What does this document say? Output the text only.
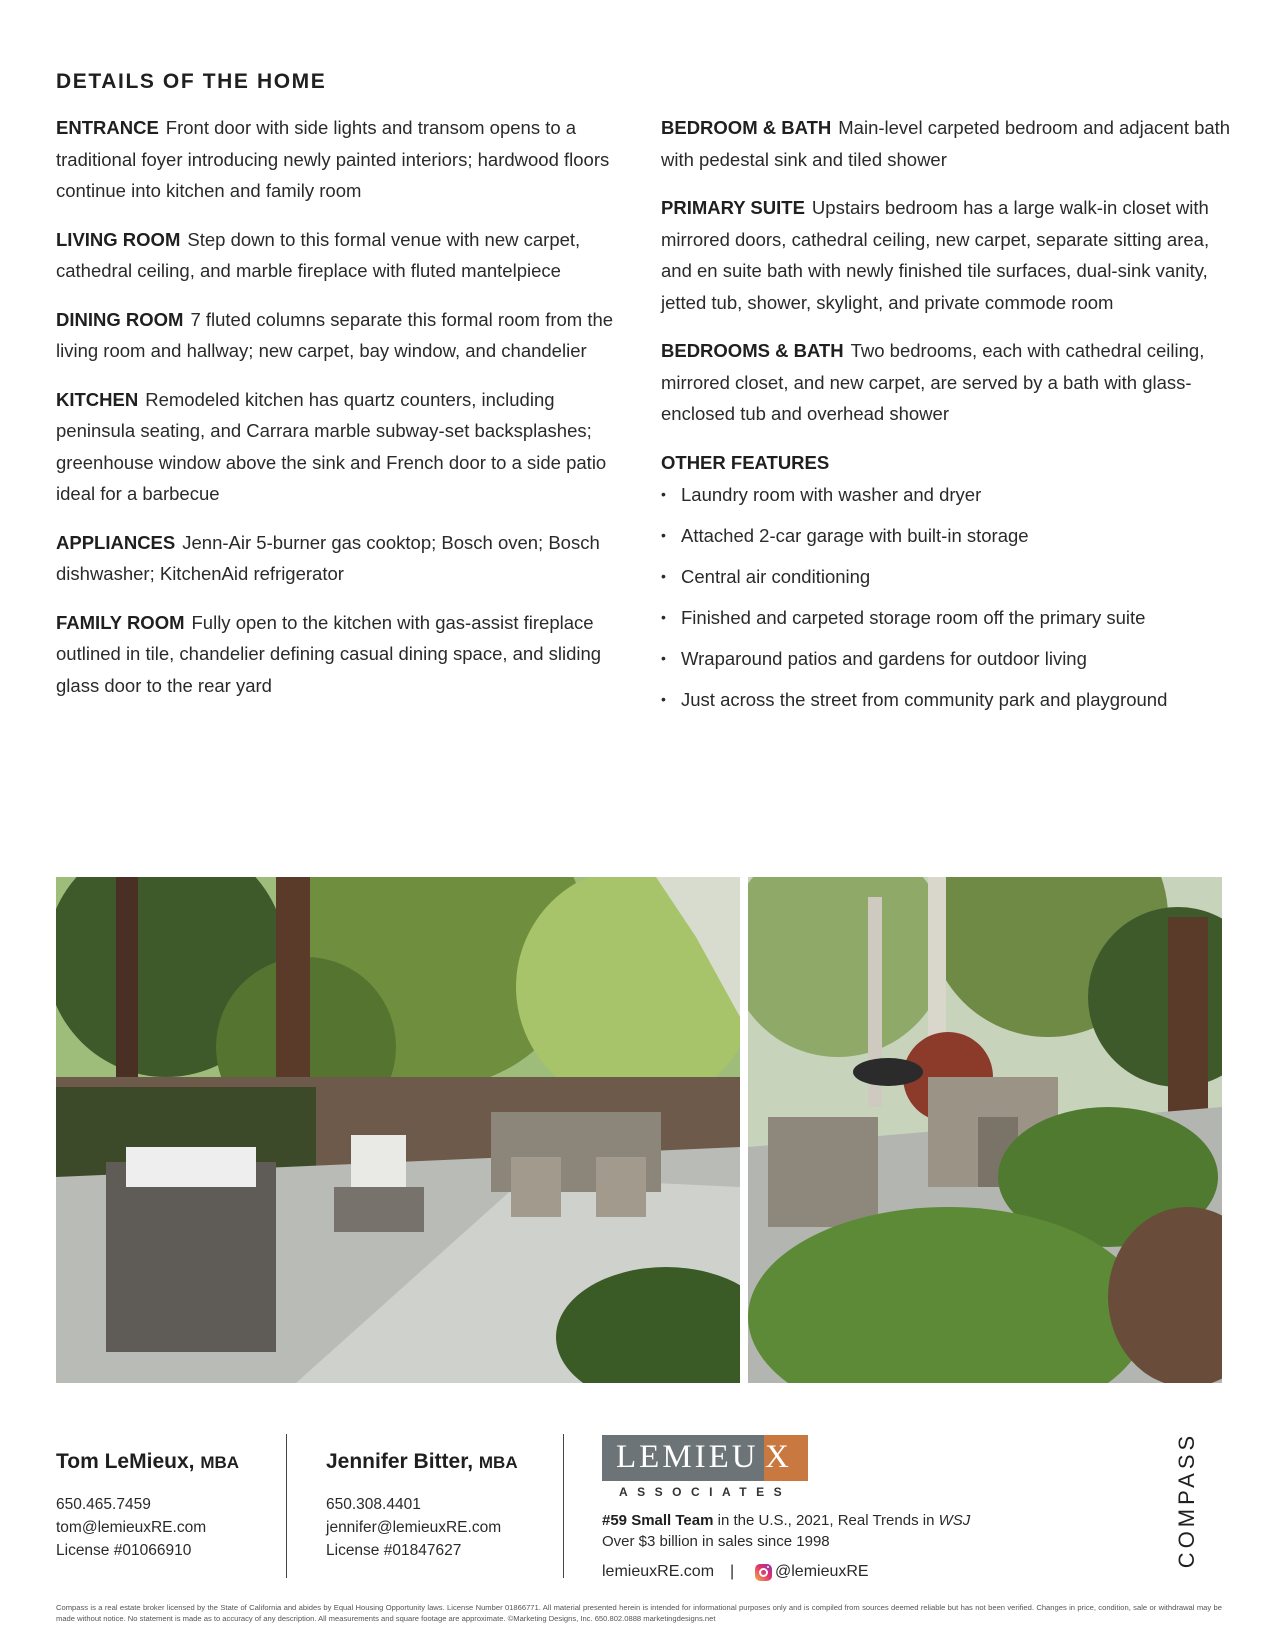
DETAILS OF THE HOME

ENTRANCE Front door with side lights and transom opens to a traditional foyer introducing newly painted interiors; hardwood floors continue into kitchen and family room

LIVING ROOM Step down to this formal venue with new carpet, cathedral ceiling, and marble fireplace with fluted mantelpiece

DINING ROOM 7 fluted columns separate this formal room from the living room and hallway; new carpet, bay window, and chandelier

KITCHEN Remodeled kitchen has quartz counters, including peninsula seating, and Carrara marble subway-set backsplashes; greenhouse window above the sink and French door to a side patio ideal for a barbecue

APPLIANCES Jenn-Air 5-burner gas cooktop; Bosch oven; Bosch dishwasher; KitchenAid refrigerator

FAMILY ROOM Fully open to the kitchen with gas-assist fireplace outlined in tile, chandelier defining casual dining space, and sliding glass door to the rear yard

BEDROOM & BATH Main-level carpeted bedroom and adjacent bath with pedestal sink and tiled shower

PRIMARY SUITE Upstairs bedroom has a large walk-in closet with mirrored doors, cathedral ceiling, new carpet, separate sitting area, and en suite bath with newly finished tile surfaces, dual-sink vanity, jetted tub, shower, skylight, and private commode room

BEDROOMS & BATH Two bedrooms, each with cathedral ceiling, mirrored closet, and new carpet, are served by a bath with glass-enclosed tub and overhead shower

OTHER FEATURES
• Laundry room with washer and dryer
• Attached 2-car garage with built-in storage
• Central air conditioning
• Finished and carpeted storage room off the primary suite
• Wraparound patios and gardens for outdoor living
• Just across the street from community park and playground
Tom LeMieux, MBA
650.465.7459
tom@lemieuxRE.com
License #01066910
Jennifer Bitter, MBA
650.308.4401
jennifer@lemieuxRE.com
License #01847627
LEMIEU X
ASSOCIATES
#59 Small Team in the U.S., 2021, Real Trends in WSJ
Over $3 billion in sales since 1998
lemieuxRE.com |	@lemieuxRE
COMPASS

Compass is a real estate broker licensed by the State of California and abides by Equal Housing Opportunity laws. License Number 01866771. All material presented herein is intended for informational purposes only and is compiled from sources deemed reliable but has not been verified. Changes in price, condition, sale or withdrawal may be made without notice. No statement is made as to accuracy of any description. All measurements and square footage are approximate. ©Marketing Designs, Inc. 650.802.0888 marketingdesigns.net
